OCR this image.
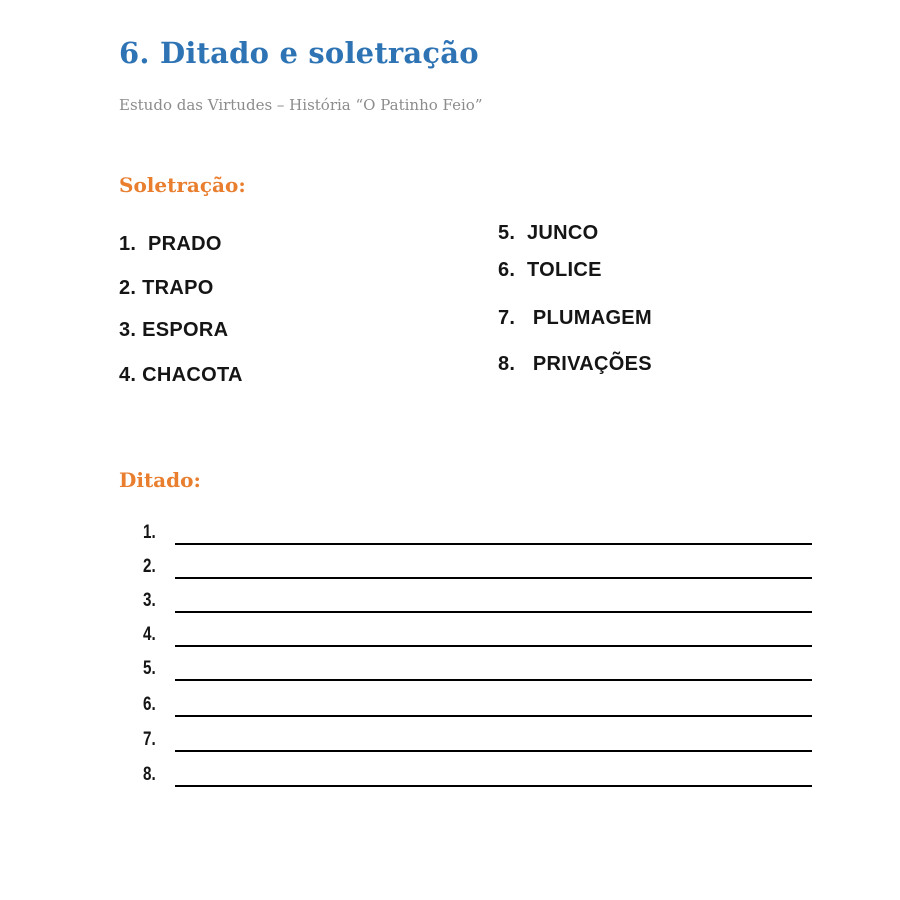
6. Ditado e soletração
Estudo das Virtudes – História “O Patinho Feio”
Soletração:
1.  PRADO
2. TRAPO
3. ESPORA
4. CHACOTA
5.  JUNCO
6.  TOLICE
7.   PLUMAGEM
8.   PRIVAÇÕES
Ditado:
1.
2.
3.
4.
5.
6.
7.
8.
